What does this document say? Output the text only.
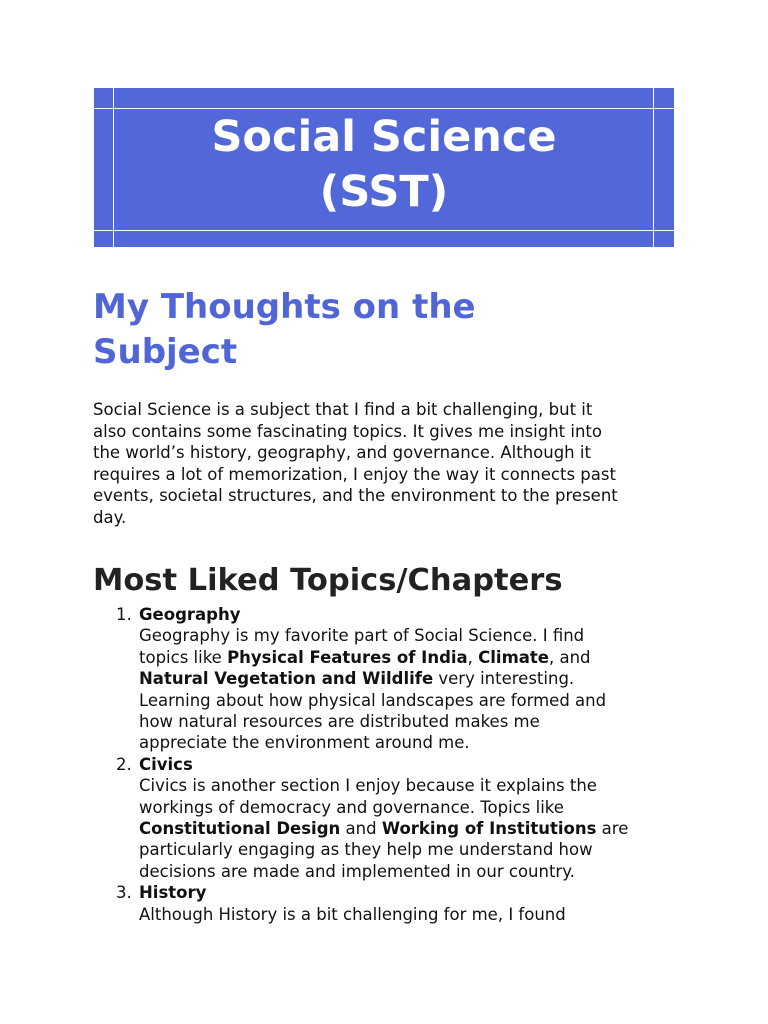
Social Science
(SST)
My Thoughts on the
Subject
Social Science is a subject that I find a bit challenging, but it
also contains some fascinating topics. It gives me insight into
the world’s history, geography, and governance. Although it
requires a lot of memorization, I enjoy the way it connects past
events, societal structures, and the environment to the present
day.
Most Liked Topics/Chapters
1. Geography
Geography is my favorite part of Social Science. I find
topics like Physical Features of India, Climate, and
Natural Vegetation and Wildlife very interesting.
Learning about how physical landscapes are formed and
how natural resources are distributed makes me
appreciate the environment around me.
2. Civics
Civics is another section I enjoy because it explains the
workings of democracy and governance. Topics like
Constitutional Design and Working of Institutions are
particularly engaging as they help me understand how
decisions are made and implemented in our country.
3. History
Although History is a bit challenging for me, I found
